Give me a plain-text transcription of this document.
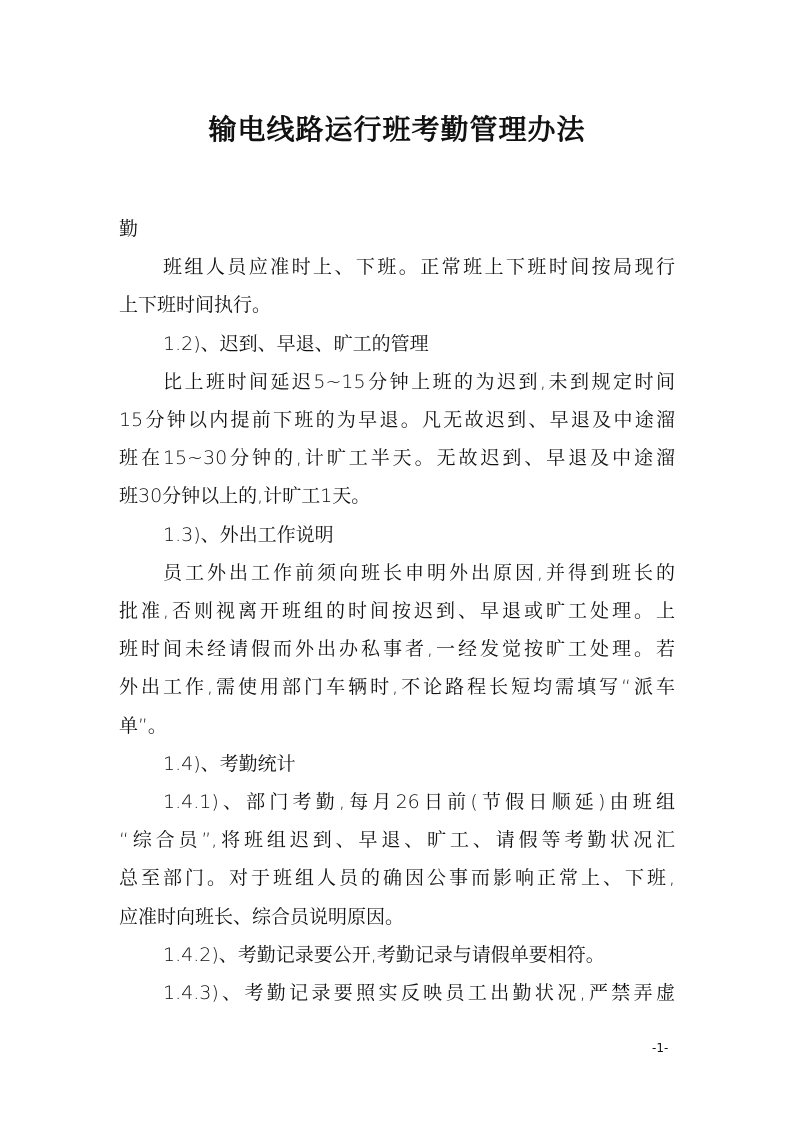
输电线路运行班考勤管理办法
勤
班组人员应准时上、下班。正常班上下班时间按局现行
上下班时间执行。
1.2)、迟到、早退、旷工的管理
比上班时间延迟5~15分钟上班的为迟到,未到规定时间
15分钟以内提前下班的为早退。凡无故迟到、早退及中途溜
班在15~30分钟的,计旷工半天。无故迟到、早退及中途溜
班30分钟以上的,计旷工1天。
1.3)、外出工作说明
员工外出工作前须向班长申明外出原因,并得到班长的
批准,否则视离开班组的时间按迟到、早退或旷工处理。上
班时间未经请假而外出办私事者,一经发觉按旷工处理。若
外出工作,需使用部门车辆时,不论路程长短均需填写“派车
单”。
1.4)、考勤统计
1.4.1)、部门考勤,每月26日前(节假日顺延)由班组
“综合员”,将班组迟到、早退、旷工、请假等考勤状况汇
总至部门。对于班组人员的确因公事而影响正常上、下班,
应准时向班长、综合员说明原因。
1.4.2)、考勤记录要公开,考勤记录与请假单要相符。
1.4.3)、考勤记录要照实反映员工出勤状况,严禁弄虚
-1-
